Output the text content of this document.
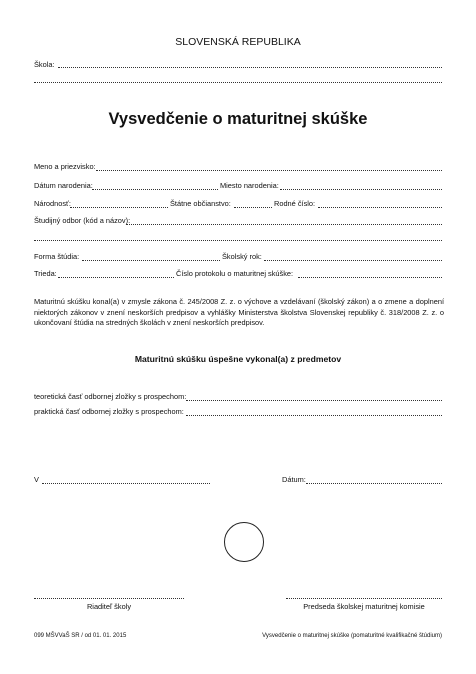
SLOVENSKÁ REPUBLIKA
Škola:
Vysvedčenie o maturitnej skúške
Meno a priezvisko:
Dátum narodenia:	Miesto narodenia:
Národnosť:	Štátne občianstvo:	Rodné číslo:
Študijný odbor (kód a názov):
Forma štúdia:	Školský rok:
Trieda:	Číslo protokolu o maturitnej skúške:
Maturitnú skúšku konal(a) v zmysle zákona č. 245/2008 Z. z. o výchove a vzdelávaní (školský zákon) a o zmene a doplnení niektorých zákonov v znení neskorších predpisov a vyhlášky Ministerstva školstva Slovenskej republiky č. 318/2008 Z. z. o ukončovaní štúdia na stredných školách v znení neskorších predpisov.
Maturitnú skúšku úspešne vykonal(a) z predmetov
teoretická časť odbornej zložky s prospechom:
praktická časť odbornej zložky s prospechom:
V	Dátum:
Riaditeľ školy	Predseda školskej maturitnej komisie
099 MŠVVaŠ SR / od 01. 01. 2015	Vysvedčenie o maturitnej skúške (pomaturitné kvalifikačné štúdium)
